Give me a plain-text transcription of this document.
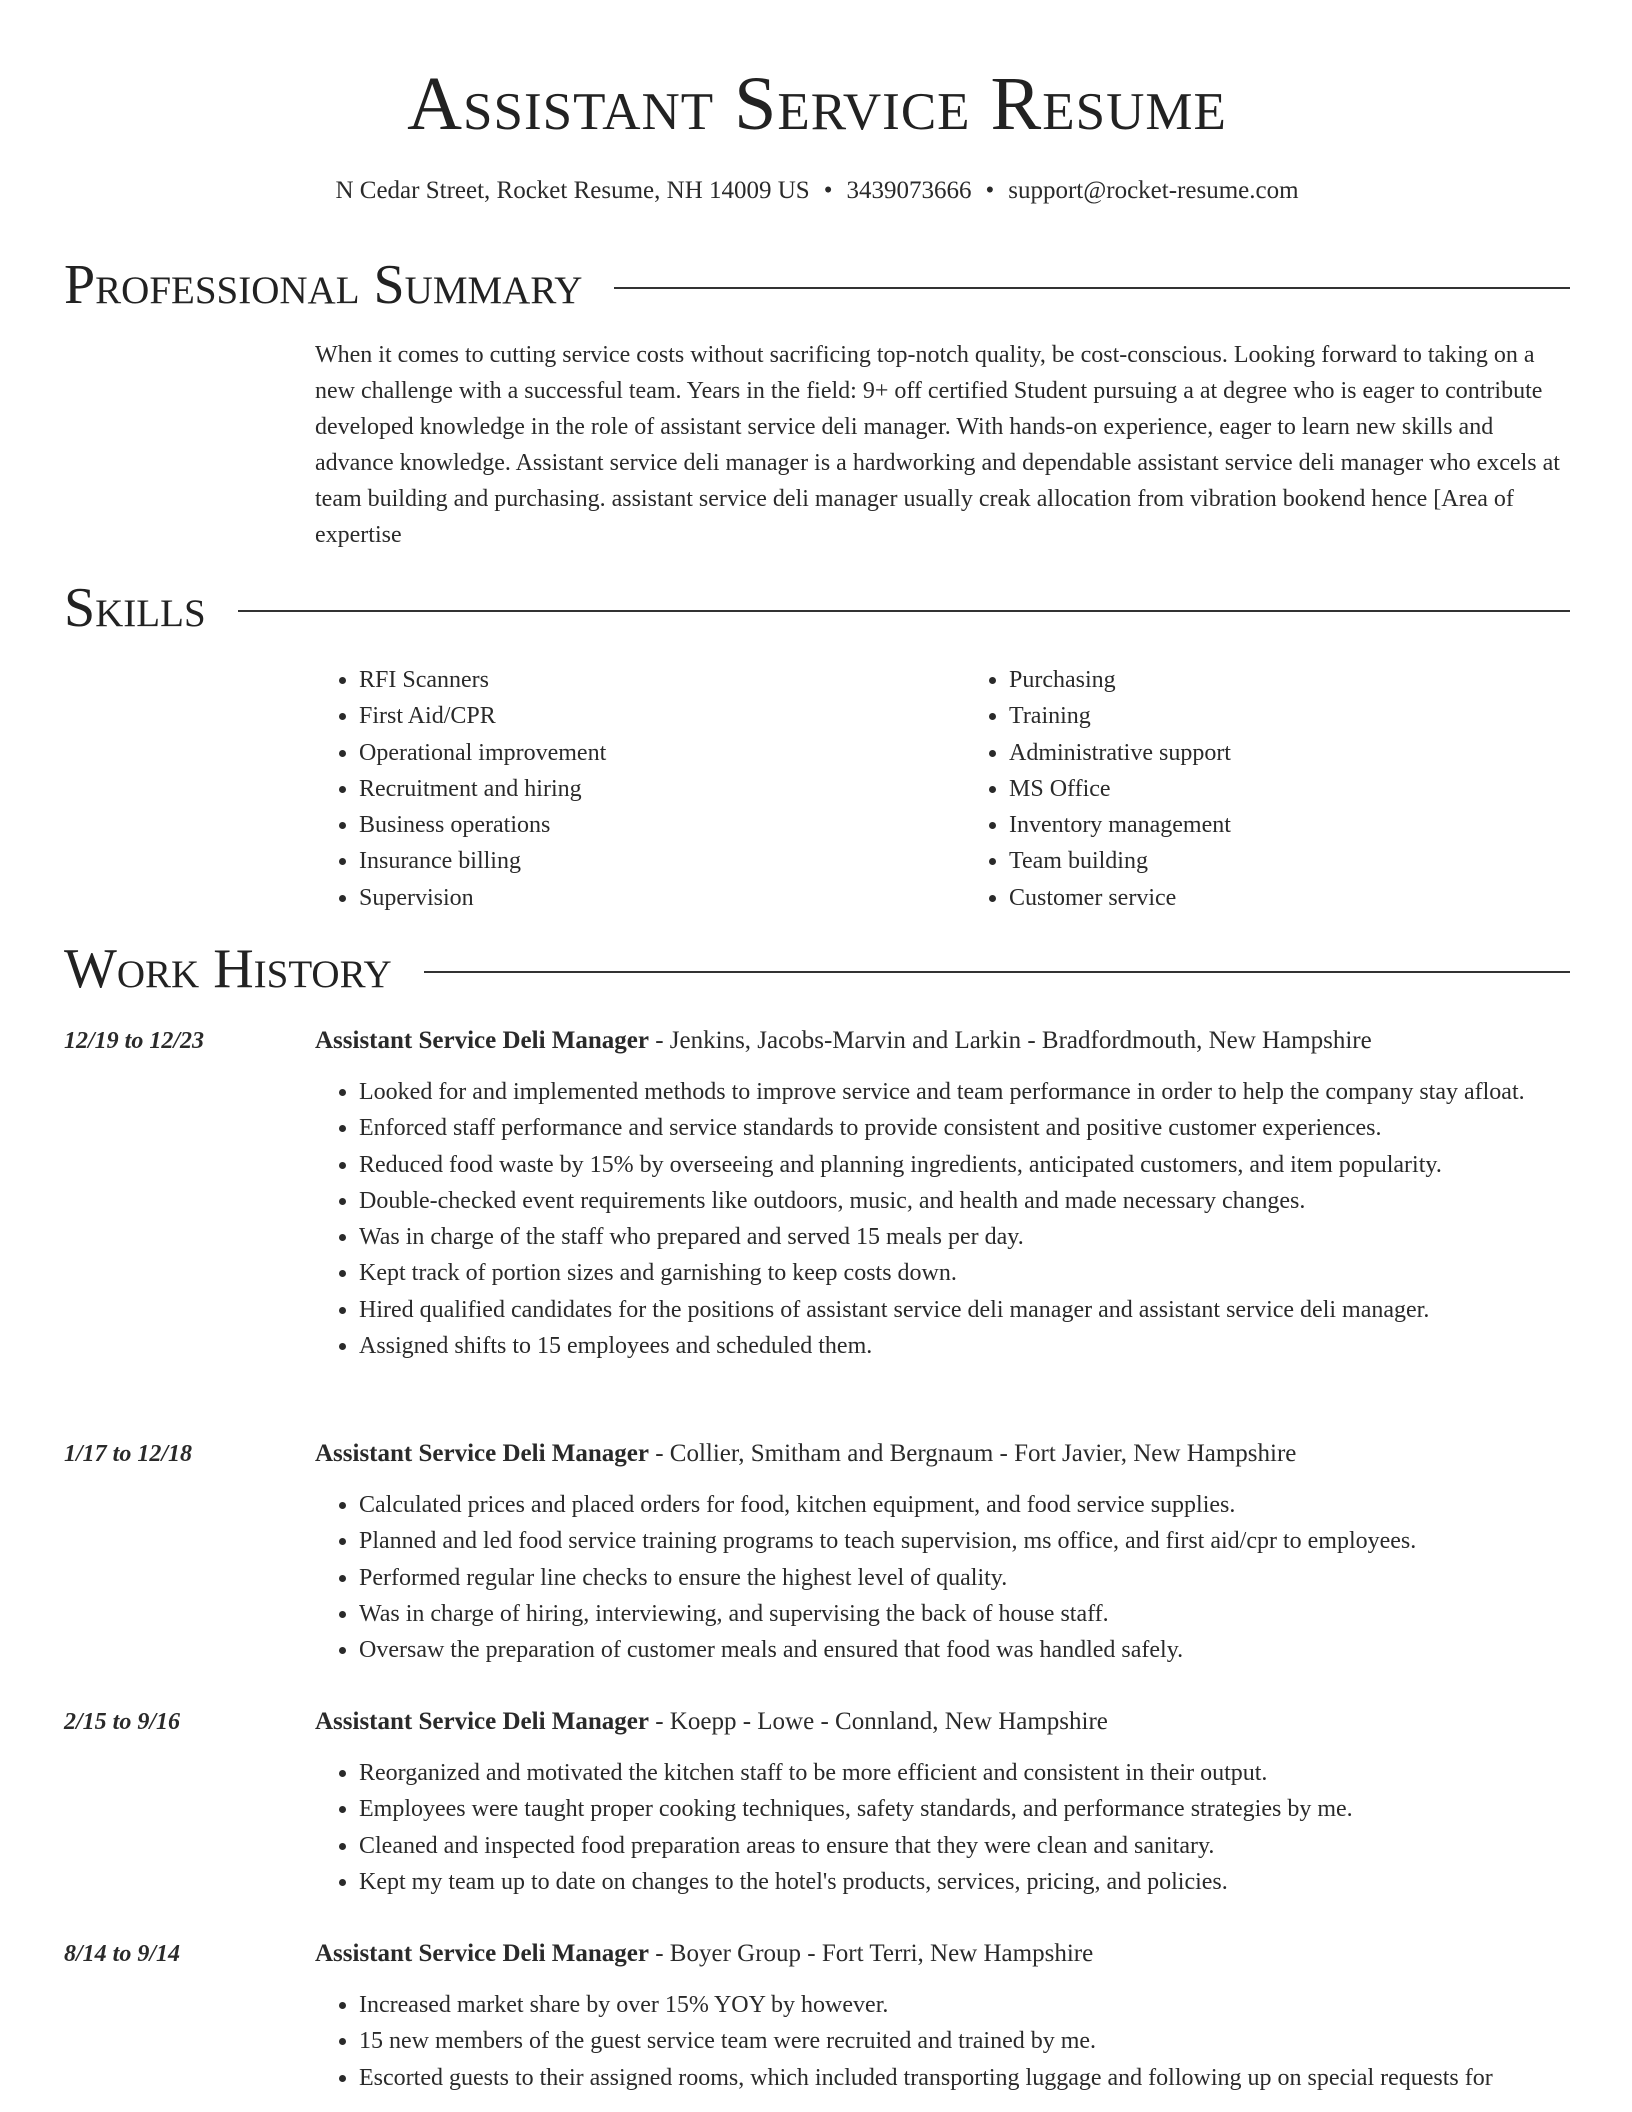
Assistant Service Resume
N Cedar Street, Rocket Resume, NH 14009 US • 3439073666 • support@rocket-resume.com
Professional Summary

When it comes to cutting service costs without sacrificing top-notch quality, be cost-conscious. Looking forward to taking on a new challenge with a successful team. Years in the field: 9+ off certified Student pursuing a at degree who is eager to contribute developed knowledge in the role of assistant service deli manager. With hands-on experience, eager to learn new skills and advance knowledge. Assistant service deli manager is a hardworking and dependable assistant service deli manager who excels at team building and purchasing. assistant service deli manager usually creak allocation from vibration bookend hence [Area of expertise

Skills
• RFI Scanners
• First Aid/CPR
• Operational improvement
• Recruitment and hiring
• Business operations
• Insurance billing
• Supervision
• Purchasing
• Training
• Administrative support
• MS Office
• Inventory management
• Team building
• Customer service
Work History
12/19 to 12/23	Assistant Service Deli Manager - Jenkins, Jacobs-Marvin and Larkin - Bradfordmouth, New Hampshire
• Looked for and implemented methods to improve service and team performance in order to help the company stay afloat.
• Enforced staff performance and service standards to provide consistent and positive customer experiences.
• Reduced food waste by 15% by overseeing and planning ingredients, anticipated customers, and item popularity.
• Double-checked event requirements like outdoors, music, and health and made necessary changes.
• Was in charge of the staff who prepared and served 15 meals per day.
• Kept track of portion sizes and garnishing to keep costs down.
• Hired qualified candidates for the positions of assistant service deli manager and assistant service deli manager.
• Assigned shifts to 15 employees and scheduled them.
1/17 to 12/18	Assistant Service Deli Manager - Collier, Smitham and Bergnaum - Fort Javier, New Hampshire
• Calculated prices and placed orders for food, kitchen equipment, and food service supplies.
• Planned and led food service training programs to teach supervision, ms office, and first aid/cpr to employees.
• Performed regular line checks to ensure the highest level of quality.
• Was in charge of hiring, interviewing, and supervising the back of house staff.
• Oversaw the preparation of customer meals and ensured that food was handled safely.
2/15 to 9/16	Assistant Service Deli Manager - Koepp - Lowe - Connland, New Hampshire
• Reorganized and motivated the kitchen staff to be more efficient and consistent in their output.
• Employees were taught proper cooking techniques, safety standards, and performance strategies by me.
• Cleaned and inspected food preparation areas to ensure that they were clean and sanitary.
• Kept my team up to date on changes to the hotel's products, services, pricing, and policies.
8/14 to 9/14	Assistant Service Deli Manager - Boyer Group - Fort Terri, New Hampshire
• Increased market share by over 15% YOY by however.
• 15 new members of the guest service team were recruited and trained by me.
• Escorted guests to their assigned rooms, which included transporting luggage and following up on special requests for
